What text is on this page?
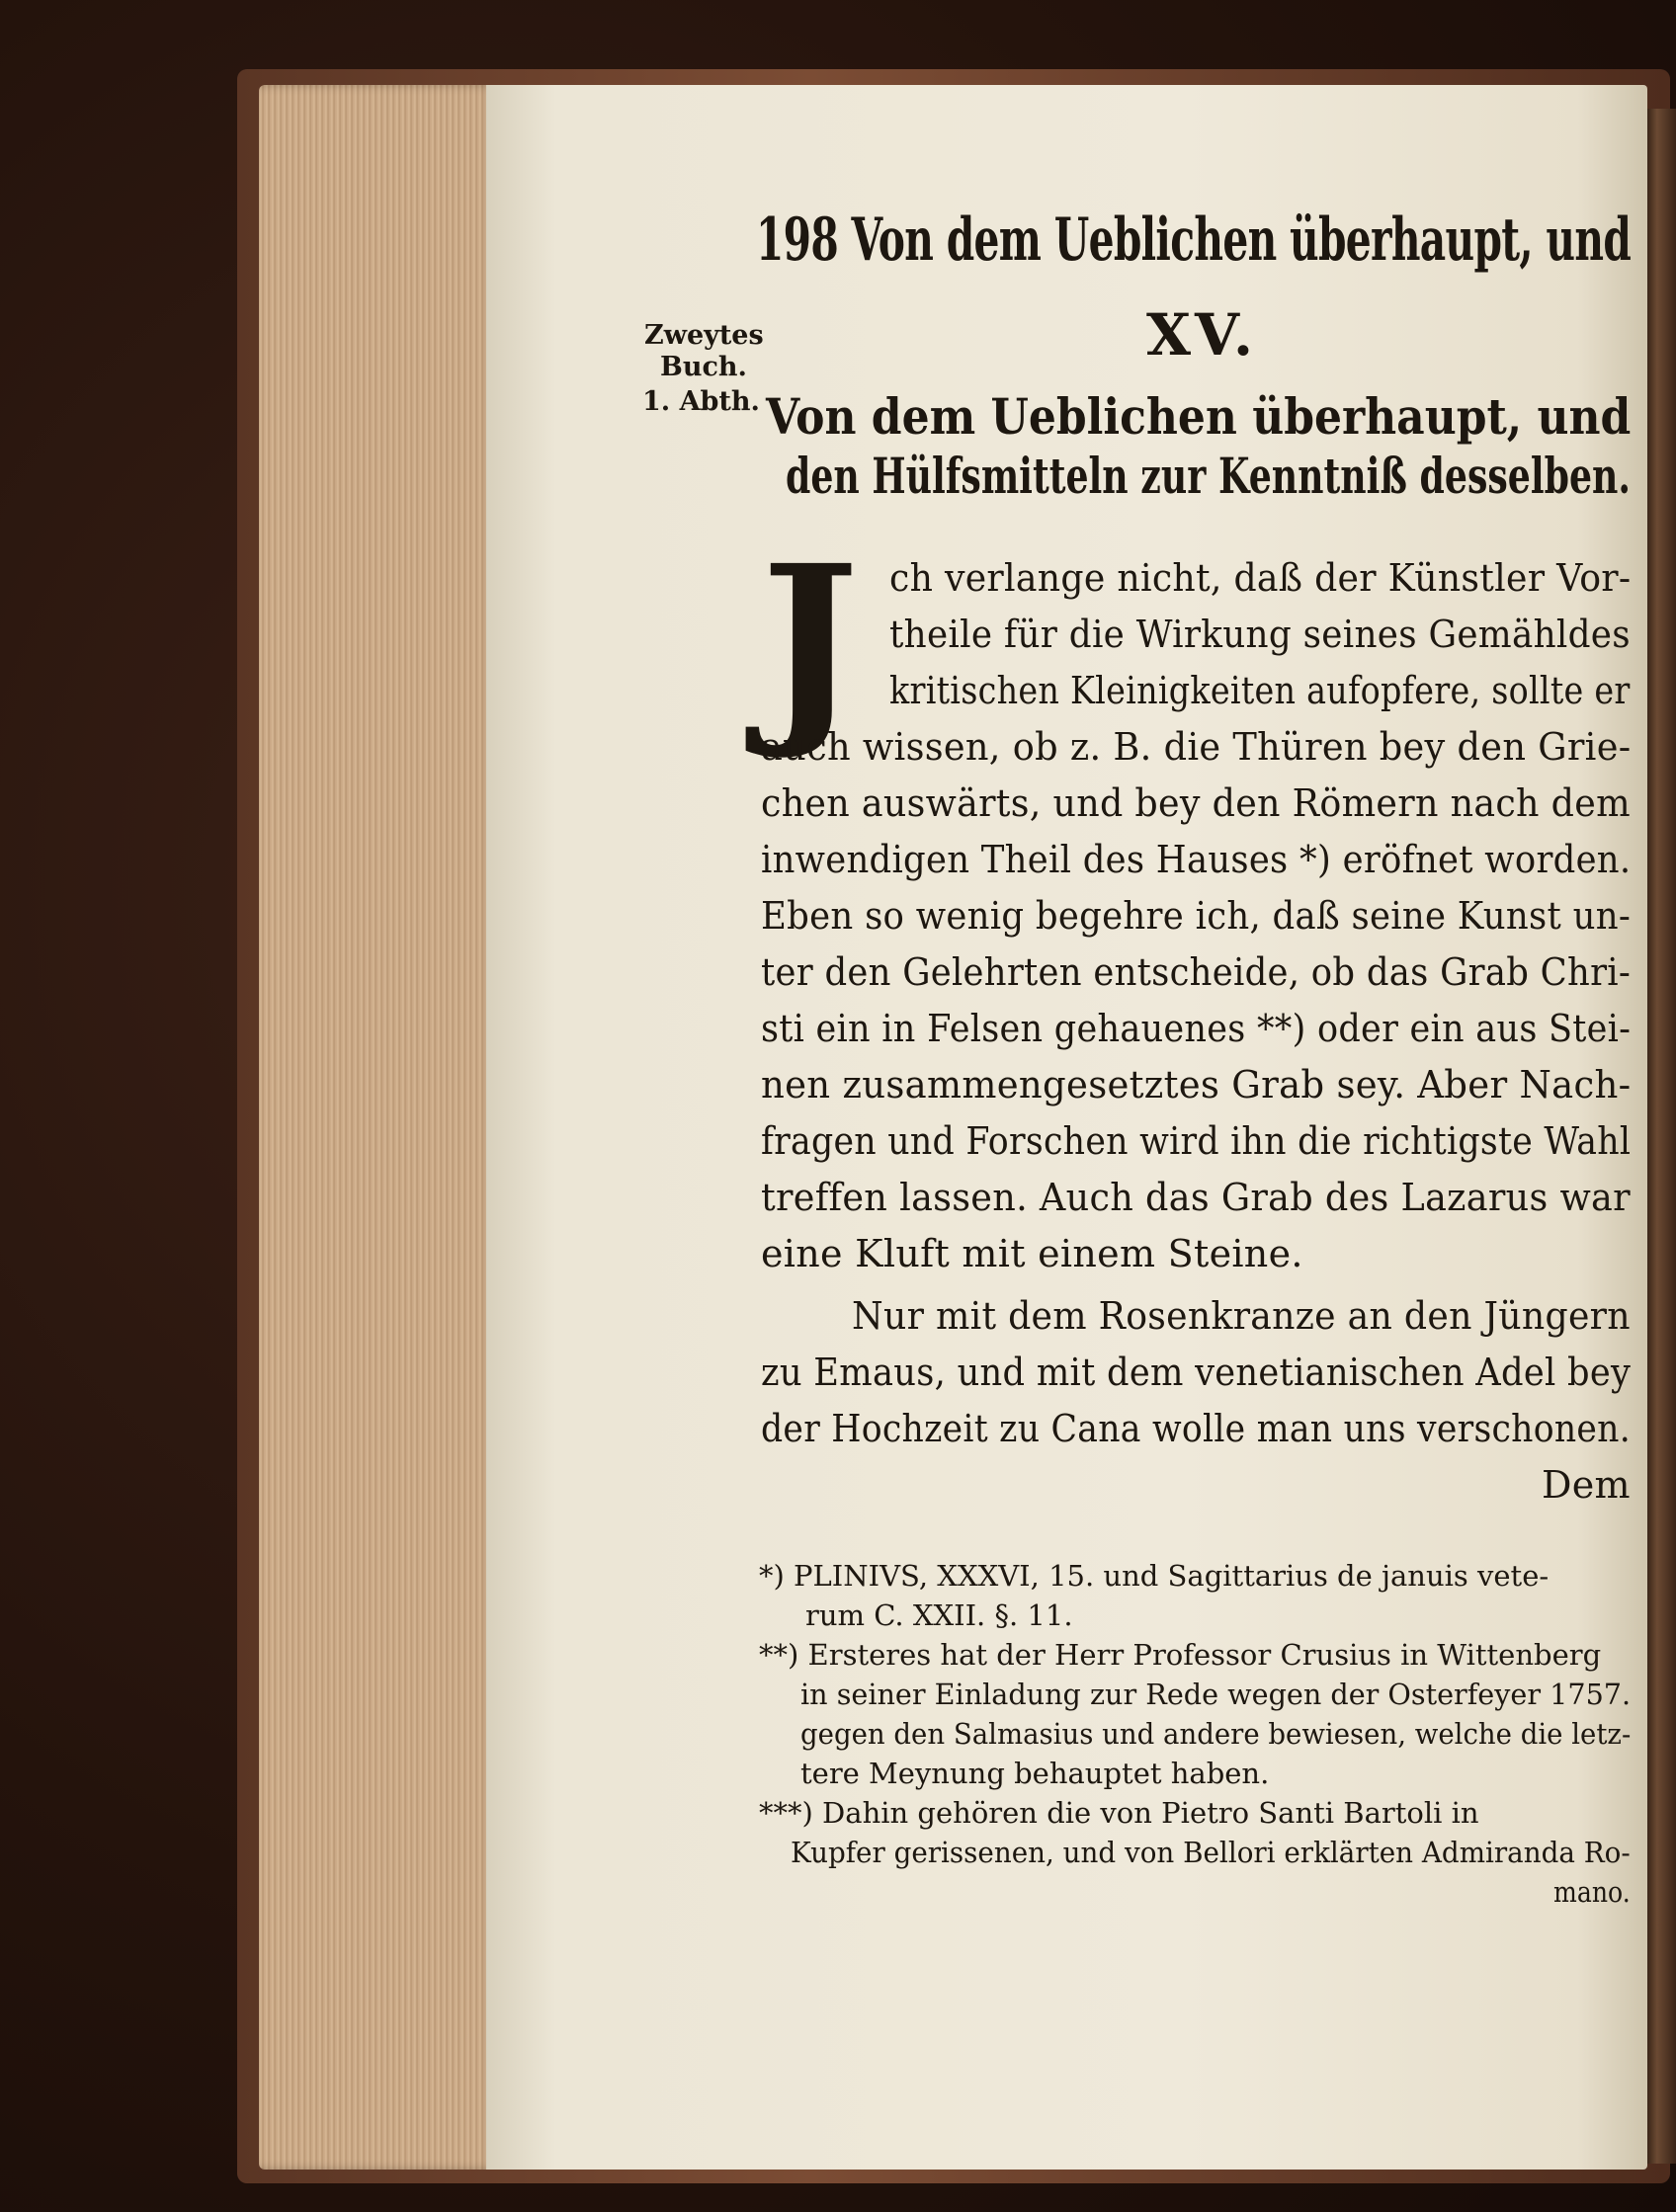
198 Von dem Ueblichen überhaupt, und
Zweytes
Buch.
1. Abth.
XV.
Von dem Ueblichen überhaupt, und
den Hülfsmitteln zur Kenntniß desselben.
J ch verlange nicht, daß der Künstler Vor-
theile für die Wirkung seines Gemähldes
kritischen Kleinigkeiten aufopfere, sollte er
auch wissen, ob z. B. die Thüren bey den Grie-
chen auswärts, und bey den Römern nach dem
inwendigen Theil des Hauses *) eröfnet worden.
Eben so wenig begehre ich, daß seine Kunst un-
ter den Gelehrten entscheide, ob das Grab Chri-
sti ein in Felsen gehauenes **) oder ein aus Stei-
nen zusammengesetztes Grab sey. Aber Nach-
fragen und Forschen wird ihn die richtigste Wahl
treffen lassen. Auch das Grab des Lazarus war
eine Kluft mit einem Steine.
Nur mit dem Rosenkranze an den Jüngern
zu Emaus, und mit dem venetianischen Adel bey
der Hochzeit zu Cana wolle man uns verschonen.
Dem
*) PLINIVS, XXXVI, 15. und Sagittarius de januis vete-
rum C. XXII. §. 11.
**) Ersteres hat der Herr Professor Crusius in Wittenberg
in seiner Einladung zur Rede wegen der Osterfeyer 1757.
gegen den Salmasius und andere bewiesen, welche die letz-
tere Meynung behauptet haben.
***) Dahin gehören die von Pietro Santi Bartoli in
Kupfer gerissenen, und von Bellori erklärten Admiranda Ro-
mano.
